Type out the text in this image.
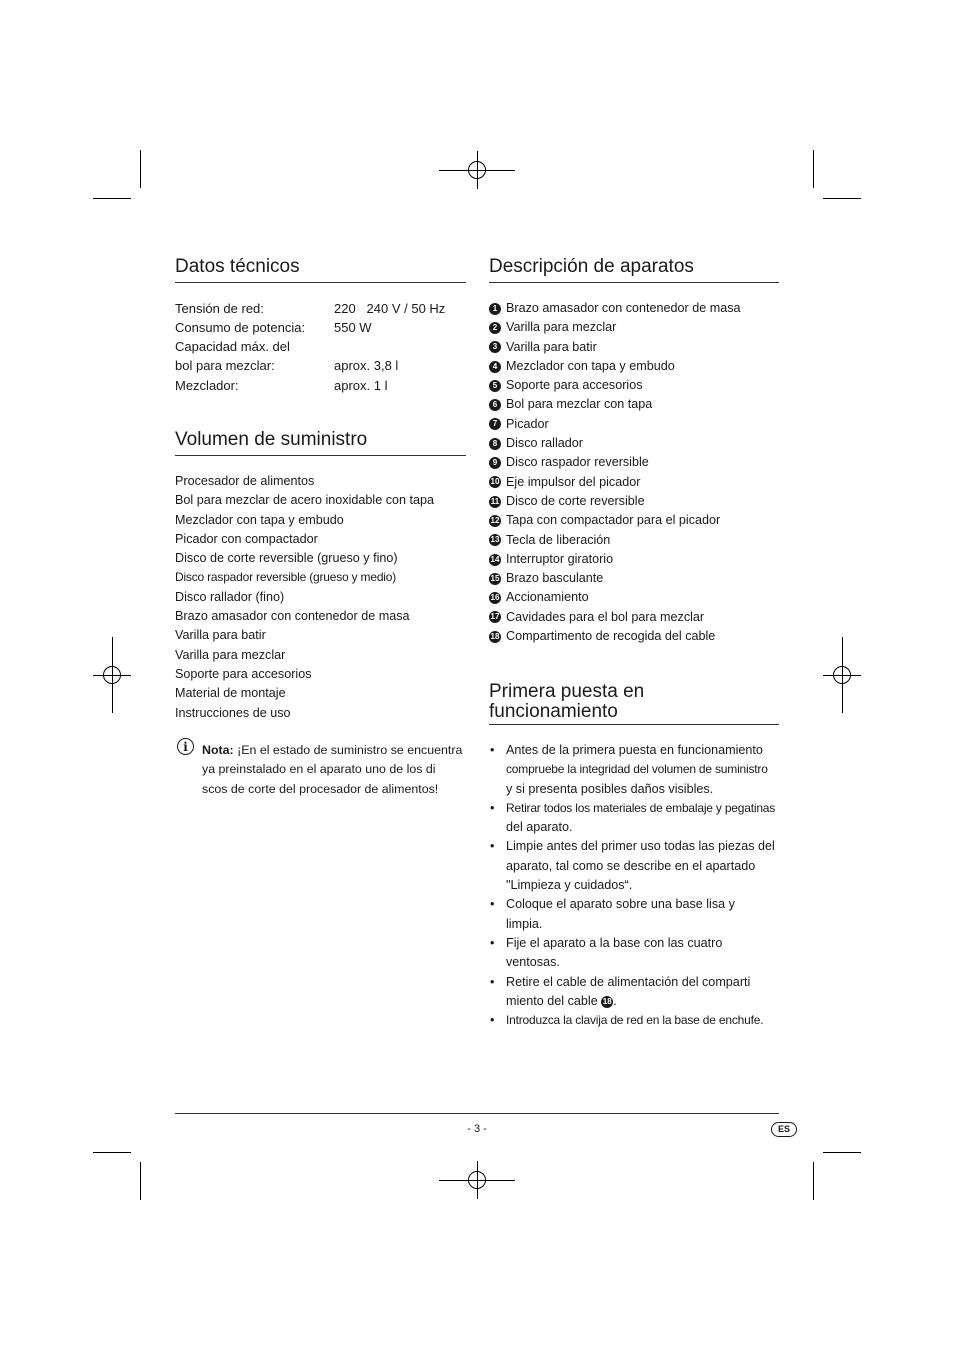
Datos técnicos
Tensión de red:	220   240 V / 50 Hz
Consumo de potencia: 550 W
Capacidad máx. del
bol para mezclar:	aprox. 3,8 l
Mezclador:	aprox. 1 l
Volumen de suministro
Procesador de alimentos
Bol para mezclar de acero inoxidable con tapa
Mezclador con tapa y embudo
Picador con compactador
Disco de corte reversible (grueso y fino)
Disco raspador reversible (grueso y medio)
Disco rallador (fino)
Brazo amasador con contenedor de masa
Varilla para batir
Varilla para mezclar
Soporte para accesorios
Material de montaje
Instrucciones de uso
i	Nota: ¡En el estado de suministro se encuentra
ya preinstalado en el aparato uno de los di
scos de corte del procesador de alimentos!
Descripción de aparatos
1 Brazo amasador con contenedor de masa
2 Varilla para mezclar
3 Varilla para batir
4 Mezclador con tapa y embudo
5 Soporte para accesorios
6 Bol para mezclar con tapa
7 Picador
8 Disco rallador
9 Disco raspador reversible
10 Eje impulsor del picador
11 Disco de corte reversible
12 Tapa con compactador para el picador
13 Tecla de liberación
14 Interruptor giratorio
15 Brazo basculante
16 Accionamiento
17 Cavidades para el bol para mezclar
18 Compartimento de recogida del cable
Primera puesta en
funcionamiento
• Antes de la primera puesta en funcionamiento
compruebe la integridad del volumen de suministro
y si presenta posibles daños visibles.
• Retirar todos los materiales de embalaje y pegatinas
del aparato.
• Limpie antes del primer uso todas las piezas del
aparato, tal como se describe en el apartado
"Limpieza y cuidados“.
• Coloque el aparato sobre una base lisa y
limpia.
• Fije el aparato a la base con las cuatro
ventosas.
• Retire el cable de alimentación del comparti
miento del cable
18 .
• Introduzca la clavija de red en la base de enchufe.
- 3 -	ES
